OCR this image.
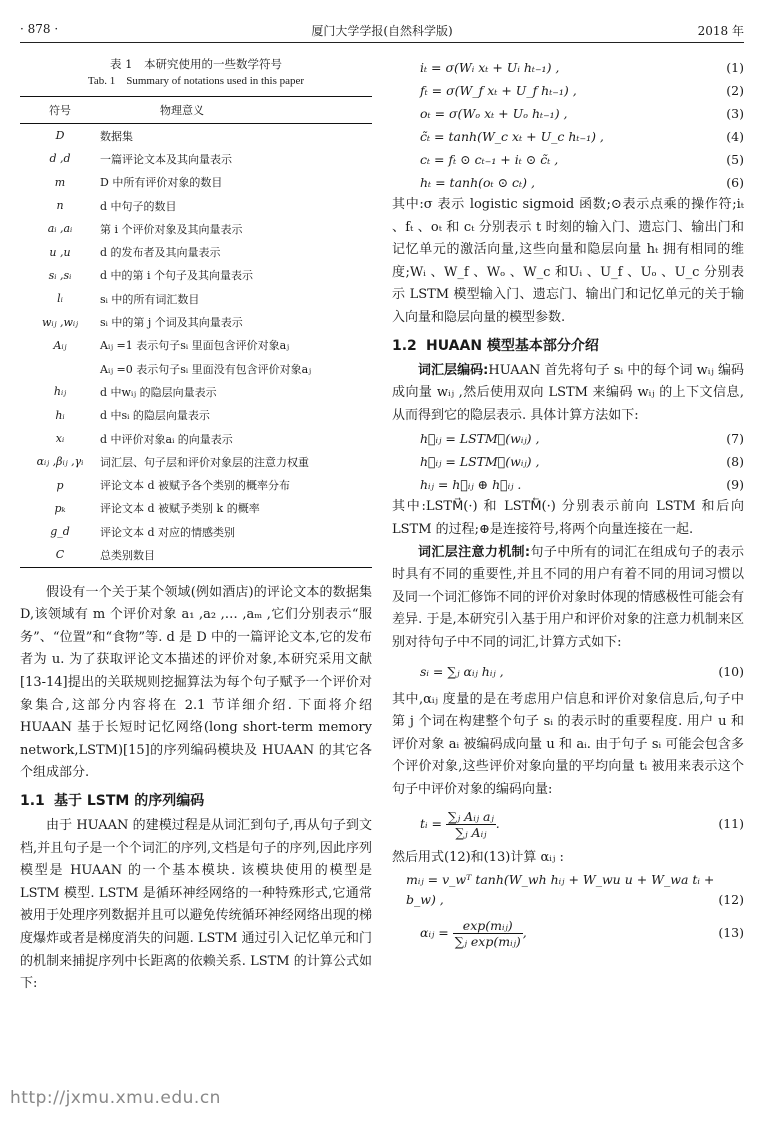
· 878 ·	厦门大学学报(自然科学版)	2018 年
表 1　本研究使用的一些数学符号
Tab. 1　Summary of notations used in this paper
符号	物理意义
D	数据集
d ,d	一篇评论文本及其向量表示
m	D 中所有评价对象的数目
n	d 中句子的数目
aᵢ ,aᵢ	第 i 个评价对象及其向量表示
u ,u	d 的发布者及其向量表示
sᵢ ,sᵢ	d 中的第 i 个句子及其向量表示
lᵢ	sᵢ 中的所有词汇数目
wᵢⱼ ,wᵢⱼ	sᵢ 中的第 j 个词及其向量表示
Aᵢⱼ	Aᵢⱼ =1 表示句子sᵢ 里面包含评价对象aⱼ
	Aᵢⱼ =0 表示句子sᵢ 里面没有包含评价对象aⱼ
hᵢⱼ	d 中wᵢⱼ 的隐层向量表示
hᵢ	d 中sᵢ 的隐层向量表示
xᵢ	d 中评价对象aᵢ 的向量表示
αᵢⱼ ,βᵢⱼ ,γᵢ	词汇层、句子层和评价对象层的注意力权重
p	评论文本 d 被赋予各个类别的概率分布
pₖ	评论文本 d 被赋予类别 k 的概率
g_d	评论文本 d 对应的情感类别
C	总类别数目

假设有一个关于某个领域(例如酒店)的评论文本的数据集 D,该领域有 m 个评价对象 a₁ ,a₂ ,… ,aₘ ,它们分别表示“服务”、“位置”和“食物”等. d 是 D 中的一篇评论文本,它的发布者为 u. 为了获取评论文本描述的评价对象,本研究采用文献[13-14]提出的关联规则挖掘算法为每个句子赋予一个评价对象集合,这部分内容将在 2.1 节详细介绍. 下面将介绍 HUAAN 基于长短时记忆网络(long short-term memory network,LSTM)[15]的序列编码模块及 HUAAN 的其它各个组成部分.

1.1 基于 LSTM 的序列编码

由于 HUAAN 的建模过程是从词汇到句子,再从句子到文档,并且句子是一个个词汇的序列,文档是句子的序列,因此序列模型是 HUAAN 的一个基本模块. 该模块使用的模型是 LSTM 模型. LSTM 是循环神经网络的一种特殊形式,它通常被用于处理序列数据并且可以避免传统循环神经网络出现的梯度爆炸或者是梯度消失的问题. LSTM 通过引入记忆单元和门的机制来捕捉序列中长距离的依赖关系. LSTM 的计算公式如下:

iₜ = σ(Wᵢ xₜ + Uᵢ hₜ₋₁) ,	(1)
fₜ = σ(W_f xₜ + U_f hₜ₋₁) ,	(2)
oₜ = σ(Wₒ xₜ + Uₒ hₜ₋₁) ,	(3)
c̃ₜ = tanh(W_c xₜ + U_c hₜ₋₁) ,	(4)
cₜ = fₜ ⊙ cₜ₋₁ + iₜ ⊙ c̃ₜ ,	(5)
hₜ = tanh(oₜ ⊙ cₜ) ,	(6)

其中:σ 表示 logistic sigmoid 函数;⊙表示点乘的操作符;iₜ 、fₜ 、oₜ 和 cₜ 分别表示 t 时刻的输入门、遗忘门、输出门和记忆单元的激活向量,这些向量和隐层向量 hₜ 拥有相同的维度;Wᵢ 、W_f 、Wₒ 、W_c 和Uᵢ 、U_f 、Uₒ 、U_c 分别表示 LSTM 模型输入门、遗忘门、输出门和记忆单元的关于输入向量和隐层向量的模型参数.

1.2 HUAAN 模型基本部分介绍

词汇层编码:HUAAN 首先将句子 sᵢ 中的每个词 wᵢⱼ 编码成向量 wᵢⱼ ,然后使用双向 LSTM 来编码 wᵢⱼ 的上下文信息,从而得到它的隐层表示. 具体计算方法如下:

h⃗ᵢⱼ = LSTM⃗(wᵢⱼ) ,	(7)
h⃖ᵢⱼ = LSTM⃖(wᵢⱼ) ,	(8)
hᵢⱼ = h⃗ᵢⱼ ⊕ h⃖ᵢⱼ .	(9)

其中:LSTM⃗(·) 和 LSTM⃖(·) 分别表示前向 LSTM 和后向 LSTM 的过程;⊕是连接符号,将两个向量连接在一起.

词汇层注意力机制:句子中所有的词汇在组成句子的表示时具有不同的重要性,并且不同的用户有着不同的用词习惯以及同一个词汇修饰不同的评价对象时体现的情感极性可能会有差异. 于是,本研究引入基于用户和评价对象的注意力机制来区别对待句子中不同的词汇,计算方式如下:

sᵢ = ∑ⱼ αᵢⱼ hᵢⱼ ,	(10)

其中,αᵢⱼ 度量的是在考虑用户信息和评价对象信息后,句子中第 j 个词在构建整个句子 sᵢ 的表示时的重要程度. 用户 u 和评价对象 aᵢ 被编码成向量 u 和 aᵢ. 由于句子 sᵢ 可能会包含多个评价对象,这些评价对象向量的平均向量 tᵢ 被用来表示这个句子中评价对象的编码向量:

tᵢ = $\frac{\text{∑ⱼ Aᵢⱼ aⱼ}}{\text{∑ⱼ Aᵢⱼ}}$ .	(11)

然后用式(12)和(13)计算 αᵢⱼ :

mᵢⱼ = v_wᵀ tanh(W_wh hᵢⱼ + W_wu u + W_wa tᵢ + b_w) ,	(12)
αᵢⱼ = $\frac{\text{exp(mᵢⱼ)}}{\text{∑ⱼ exp(mᵢⱼ)}}$ ,	(13)
http://jxmu.xmu.edu.cn
